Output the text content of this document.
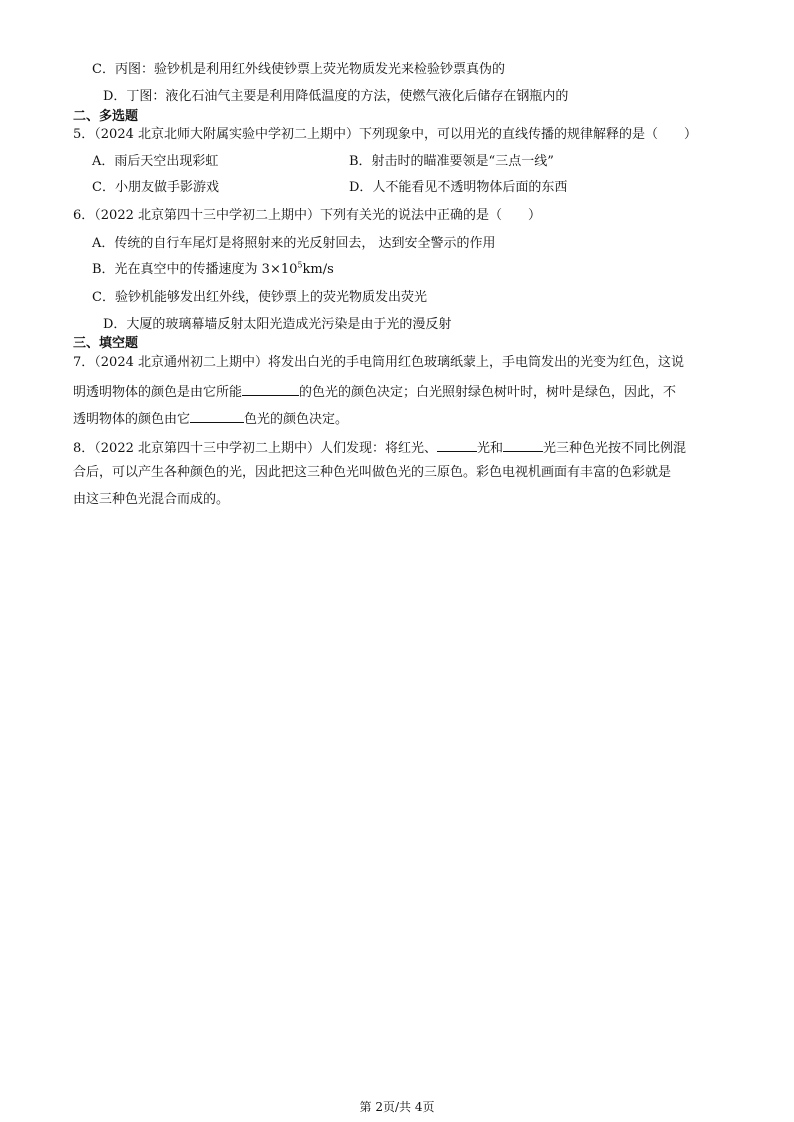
C．丙图：验钞机是利用红外线使钞票上荧光物质发光来检验钞票真伪的
D．丁图：液化石油气主要是利用降低温度的方法，使燃气液化后储存在钢瓶内的
二、多选题
5．（2024 北京北师大附属实验中学初二上期中）下列现象中，可以用光的直线传播的规律解释的是（　　）
A．雨后天空出现彩虹	B．射击时的瞄准要领是“三点一线”
C．小朋友做手影游戏	D．人不能看见不透明物体后面的东西
6．（2022 北京第四十三中学初二上期中）下列有关光的说法中正确的是（　　）
A．传统的自行车尾灯是将照射来的光反射回去， 达到安全警示的作用
B．光在真空中的传播速度为 $3\times 10^5km/s$
C．验钞机能够发出红外线，使钞票上的荧光物质发出荧光
D．大厦的玻璃幕墙反射太阳光造成光污染是由于光的漫反射
三、填空题
7．（2024 北京通州初二上期中）将发出白光的手电筒用红色玻璃纸蒙上，手电筒发出的光变为红色，这说
明透明物体的颜色是由它所能	的色光的颜色决定；白光照射绿色树叶时，树叶是绿色，因此，不
透明物体的颜色由它	色光的颜色决定。
8．（2022 北京第四十三中学初二上期中）人们发现：将红光、	光和	光三种色光按不同比例混
合后，可以产生各种颜色的光，因此把这三种色光叫做色光的三原色。彩色电视机画面有丰富的色彩就是
由这三种色光混合而成的。
第 2页/共 4页
